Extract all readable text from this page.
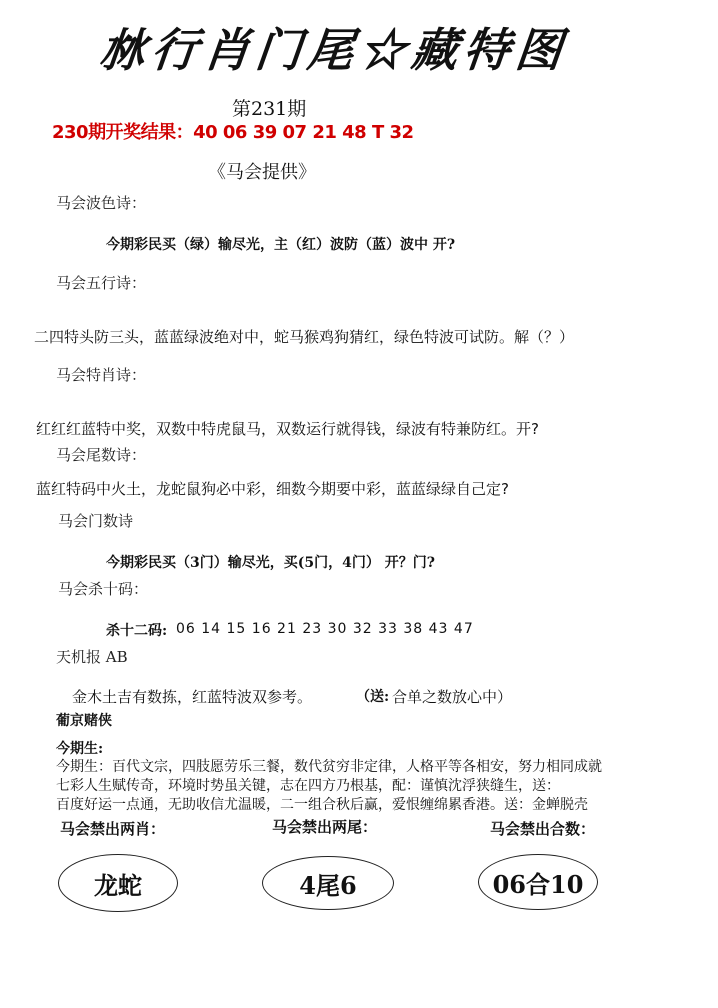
沝行肖门尾☆藏特图
第231期
230期开奖结果：40 06 39 07 21 48 T 32
《马会提供》
马会波色诗：
今期彩民买（绿）输尽光，主（红）波防（蓝）波中 开?
马会五行诗：
二四特头防三头，蓝蓝绿波绝对中，蛇马猴鸡狗猜红，绿色特波可试防。解（？）
马会特肖诗：
红红红蓝特中奖，双数中特虎鼠马，双数运行就得钱，绿波有特兼防红。开?
马会尾数诗：
蓝红特码中火土，龙蛇鼠狗必中彩，细数今期要中彩，蓝蓝绿绿自己定?
马会门数诗
今期彩民买（3门）输尽光，买(5门，4门） 开？门?
马会杀十码：
杀十二码: 06 14 15 16 21 23 30 32 33 38 43 47
天机报 AB
金木土吉有数拣，红蓝特波双参考。	（送: 合单之数放心中）
葡京赌侠
今期生:
今期生：百代文宗，四肢愿劳乐三餐，数代贫穷非定律，人格平等各相安，努力相同成就
七彩人生赋传奇，环境时势虽关键，志在四方乃根基，配：谨慎沈浮狭缝生，送：
百度好运一点通，无助收信尤温暖，二一组合秋后赢，爱恨缠绵累香港。送：金蝉脱壳
马会禁出两肖：	马会禁出两尾：	马会禁出合数：
龙蛇	4尾6	06合10
